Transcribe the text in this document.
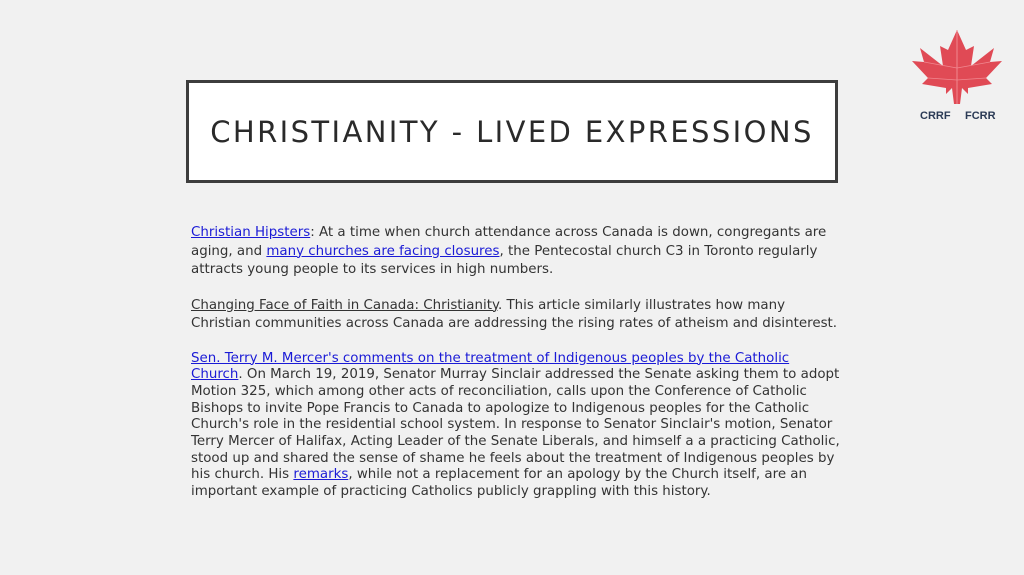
CHRISTIANITY - LIVED EXPRESSIONS	CRRF FCRR

Christian Hipsters: At a time when church attendance across Canada is down, congregants are aging, and many churches are facing closures, the Pentecostal church C3 in Toronto regularly attracts young people to its services in high numbers.

Changing Face of Faith in Canada: Christianity. This article similarly illustrates how many Christian communities across Canada are addressing the rising rates of atheism and disinterest.

Sen. Terry M. Mercer's comments on the treatment of Indigenous peoples by the Catholic Church. On March 19, 2019, Senator Murray Sinclair addressed the Senate asking them to adopt Motion 325, which among other acts of reconciliation, calls upon the Conference of Catholic Bishops to invite Pope Francis to Canada to apologize to Indigenous peoples for the Catholic Church's role in the residential school system. In response to Senator Sinclair's motion, Senator Terry Mercer of Halifax, Acting Leader of the Senate Liberals, and himself a a practicing Catholic, stood up and shared the sense of shame he feels about the treatment of Indigenous peoples by his church. His remarks, while not a replacement for an apology by the Church itself, are an important example of practicing Catholics publicly grappling with this history.
